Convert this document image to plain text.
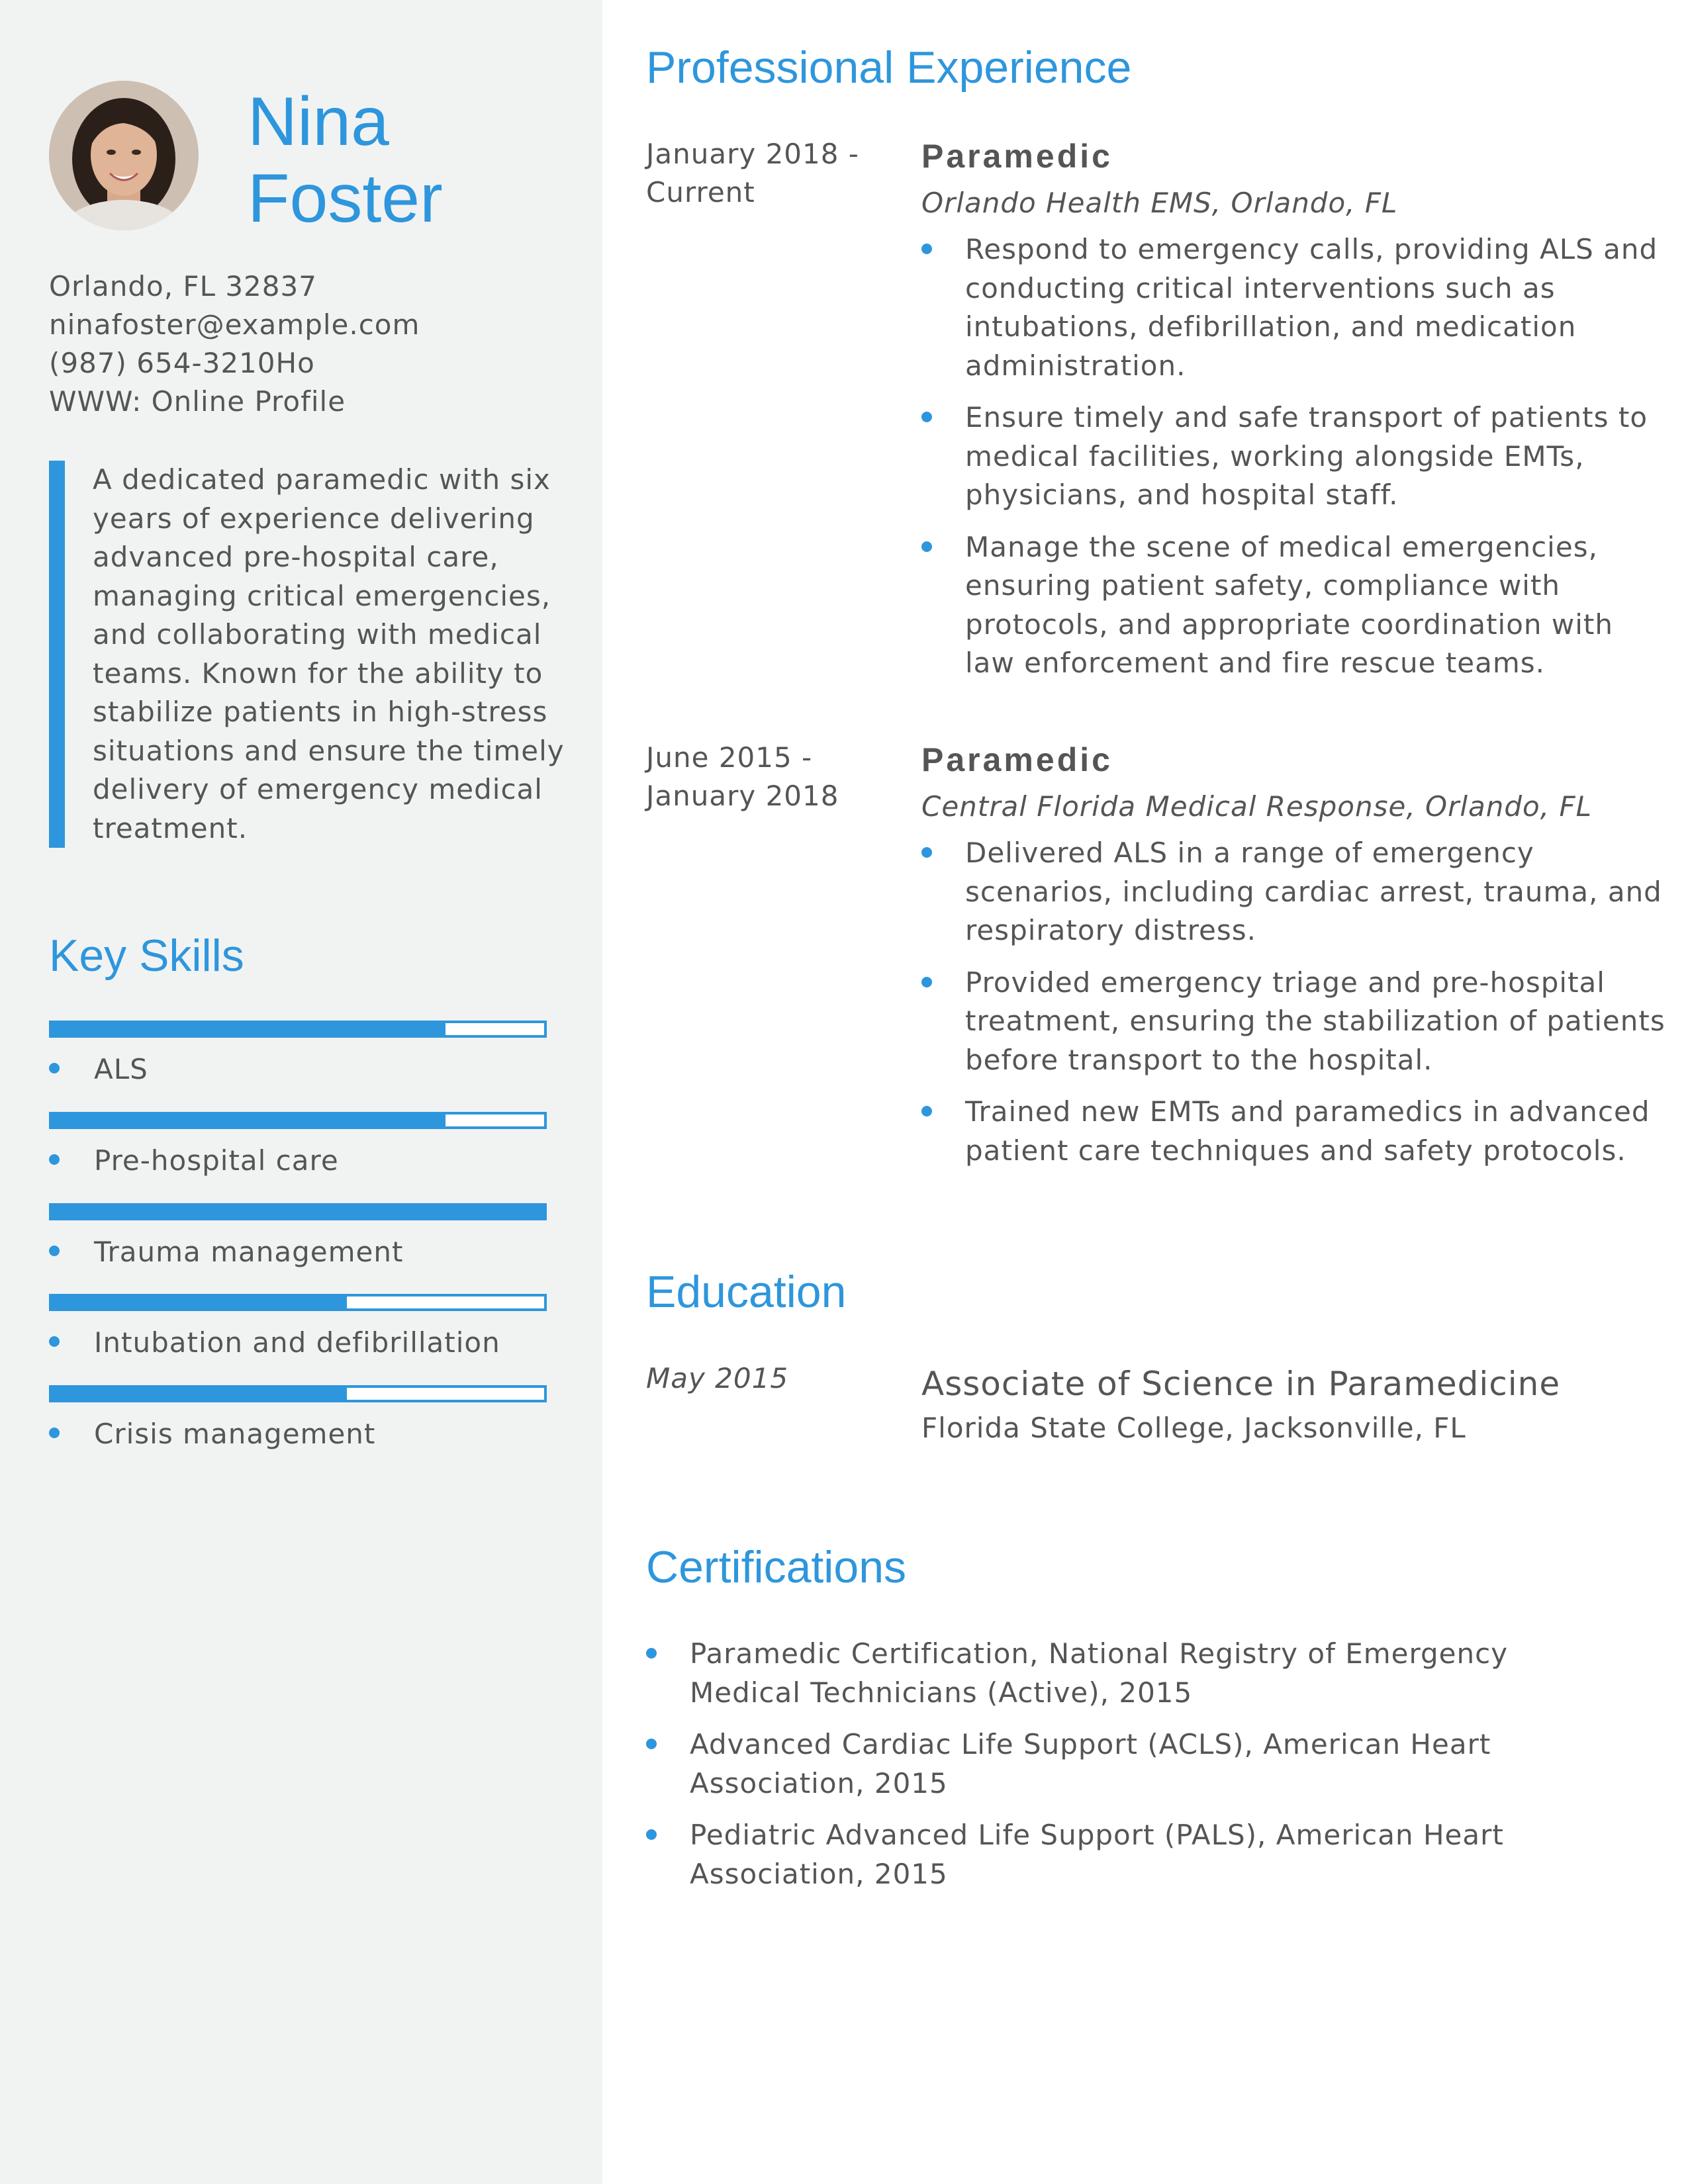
Nina
Foster
Orlando, FL 32837
ninafoster@example.com
(987) 654-3210Ho
WWW: Online Profile
A dedicated paramedic with six years of experience delivering advanced pre-hospital care, managing critical emergencies, and collaborating with medical teams. Known for the ability to stabilize patients in high-stress situations and ensure the timely delivery of emergency medical treatment.
Key Skills
ALS
Pre-hospital care
Trauma management
Intubation and defibrillation
Crisis management
Professional Experience
January 2018 - Current
Paramedic
Orlando Health EMS, Orlando, FL
Respond to emergency calls, providing ALS and conducting critical interventions such as intubations, defibrillation, and medication administration.
Ensure timely and safe transport of patients to medical facilities, working alongside EMTs, physicians, and hospital staff.
Manage the scene of medical emergencies, ensuring patient safety, compliance with protocols, and appropriate coordination with law enforcement and fire rescue teams.
June 2015 - January 2018
Paramedic
Central Florida Medical Response, Orlando, FL
Delivered ALS in a range of emergency scenarios, including cardiac arrest, trauma, and respiratory distress.
Provided emergency triage and pre-hospital treatment, ensuring the stabilization of patients before transport to the hospital.
Trained new EMTs and paramedics in advanced patient care techniques and safety protocols.
Education
May 2015	Associate of Science in Paramedicine
Florida State College, Jacksonville, FL
Certifications
Paramedic Certification, National Registry of Emergency Medical Technicians (Active), 2015
Advanced Cardiac Life Support (ACLS), American Heart Association, 2015
Pediatric Advanced Life Support (PALS), American Heart Association, 2015
